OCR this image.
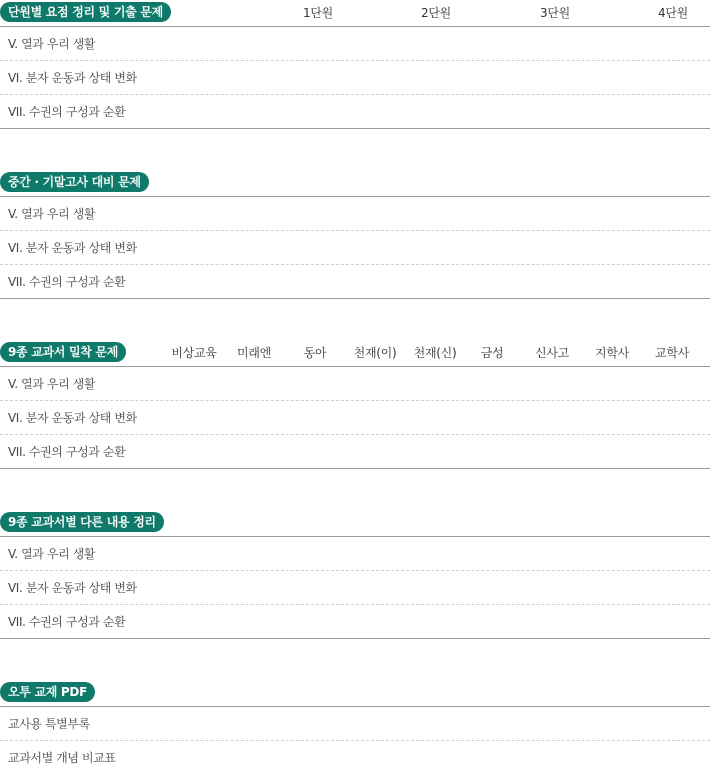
단원별 요점 정리 및 기출 문제	1단원	2단원	3단원	4단원
V. 열과 우리 생활
VI. 분자 운동과 상태 변화
VII. 수권의 구성과 순환
중간 · 기말고사 대비 문제
V. 열과 우리 생활
VI. 분자 운동과 상태 변화
VII. 수권의 구성과 순환
9종 교과서 밀착 문제	비상교육 미래엔	동아 천재(이) 천재(신) 금성	신사고 지학사 교학사
V. 열과 우리 생활
VI. 분자 운동과 상태 변화
VII. 수권의 구성과 순환
9종 교과서별 다른 내용 정리
V. 열과 우리 생활
VI. 분자 운동과 상태 변화
VII. 수권의 구성과 순환
오투 교재 PDF
교사용 특별부록
교과서별 개념 비교표
